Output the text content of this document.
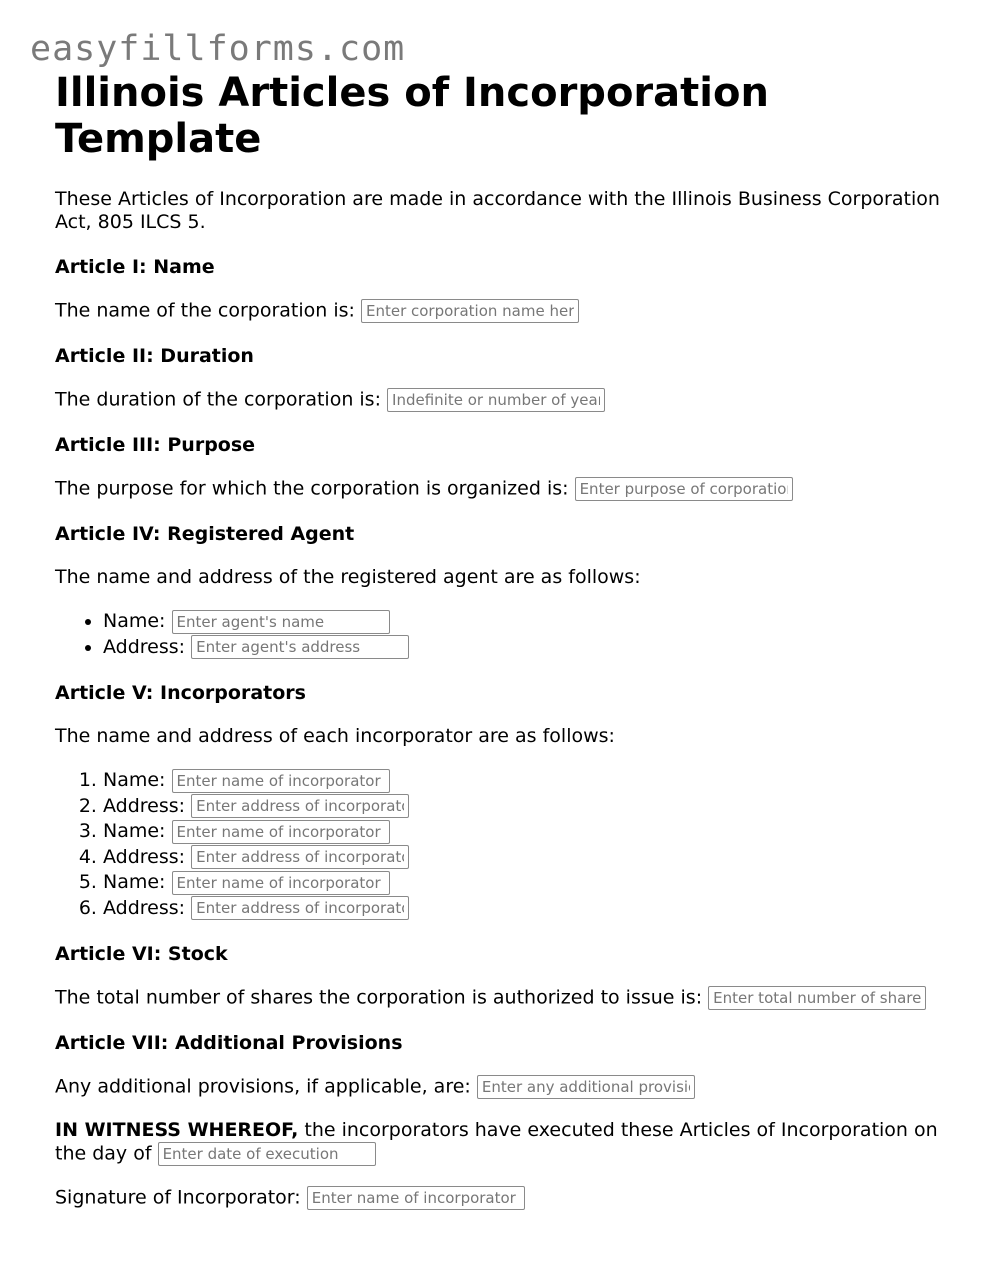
easyfillforms.com
Illinois Articles of Incorporation Template

These Articles of Incorporation are made in accordance with the Illinois Business Corporation Act, 805 ILCS 5.

Article I: Name

The name of the corporation is: Enter corporation name here

Article II: Duration

The duration of the corporation is: Indefinite or number of years

Article III: Purpose

The purpose for which the corporation is organized is: Enter purpose of corporation

Article IV: Registered Agent

The name and address of the registered agent are as follows:

• Name: Enter agent's name
• Address: Enter agent's address
Article V: Incorporators

The name and address of each incorporator are as follows:

1. Name: Enter name of incorporator
2. Address: Enter address of incorporator
3. Name: Enter name of incorporator
4. Address: Enter address of incorporator
5. Name: Enter name of incorporator
6. Address: Enter address of incorporator
Article VI: Stock

The total number of shares the corporation is authorized to issue is: Enter total number of shares

Article VII: Additional Provisions

Any additional provisions, if applicable, are: Enter any additional provisions

IN WITNESS WHEREOF, the incorporators have executed these Articles of Incorporation on the day of Enter date of execution

Signature of Incorporator: Enter name of incorporator
